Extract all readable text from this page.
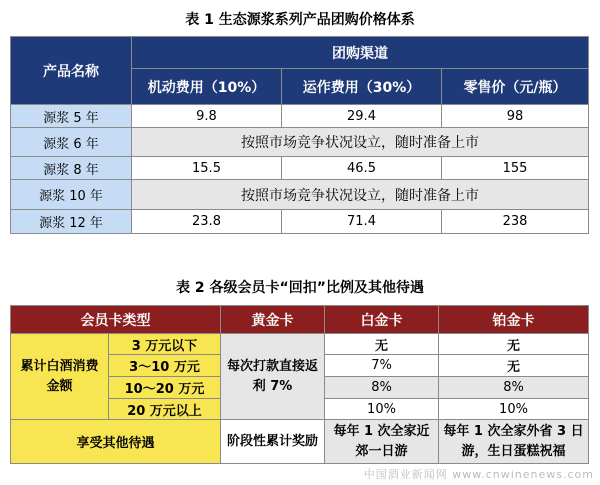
表 1 生态源浆系列产品团购价格体系
产品名称	团购渠道		
	机动费用（10%）	运作费用（30%）	零售价（元/瓶）
源浆 5 年	9.8	29.4	98
源浆 6 年	按照市场竞争状况设立，随时准备上市		
源浆 8 年	15.5	46.5	155
源浆 10 年	按照市场竞争状况设立，随时准备上市		
源浆 12 年	23.8	71.4	238
表 2 各级会员卡“回扣”比例及其他待遇
会员卡类型		黄金卡	白金卡	铂金卡
累计白酒消费金额	3 万元以下	每次打款直接返利 7%	无	无
	3～10 万元		7%	无
	10～20 万元		8%	8%
	20 万元以上		10%	10%
享受其他待遇		阶段性累计奖励	每年 1 次全家近郊一日游	每年 1 次全家外省 3 日游，生日蛋糕祝福
中国酒业新闻网 www.cnwinenews.com
